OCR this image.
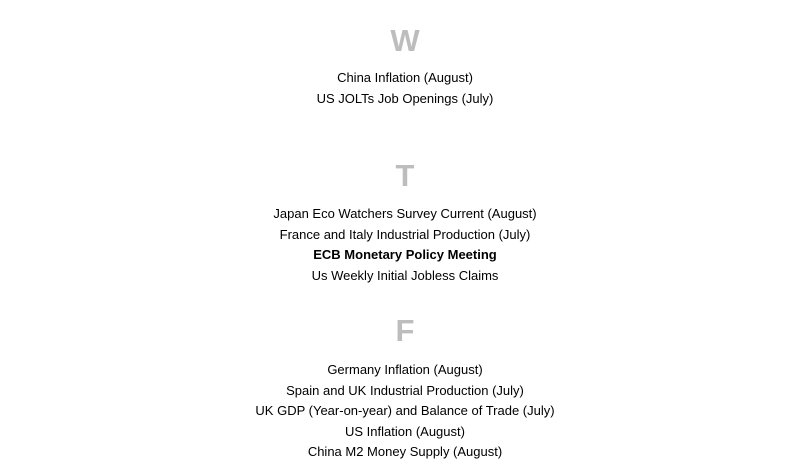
W
China Inflation (August)
US JOLTs Job Openings (July)
T
Japan Eco Watchers Survey Current (August)
France and Italy Industrial Production (July)
ECB Monetary Policy Meeting
Us Weekly Initial Jobless Claims
F
Germany Inflation (August)
Spain and UK Industrial Production (July)
UK GDP (Year-on-year) and Balance of Trade (July)
US Inflation (August)
China M2 Money Supply (August)
